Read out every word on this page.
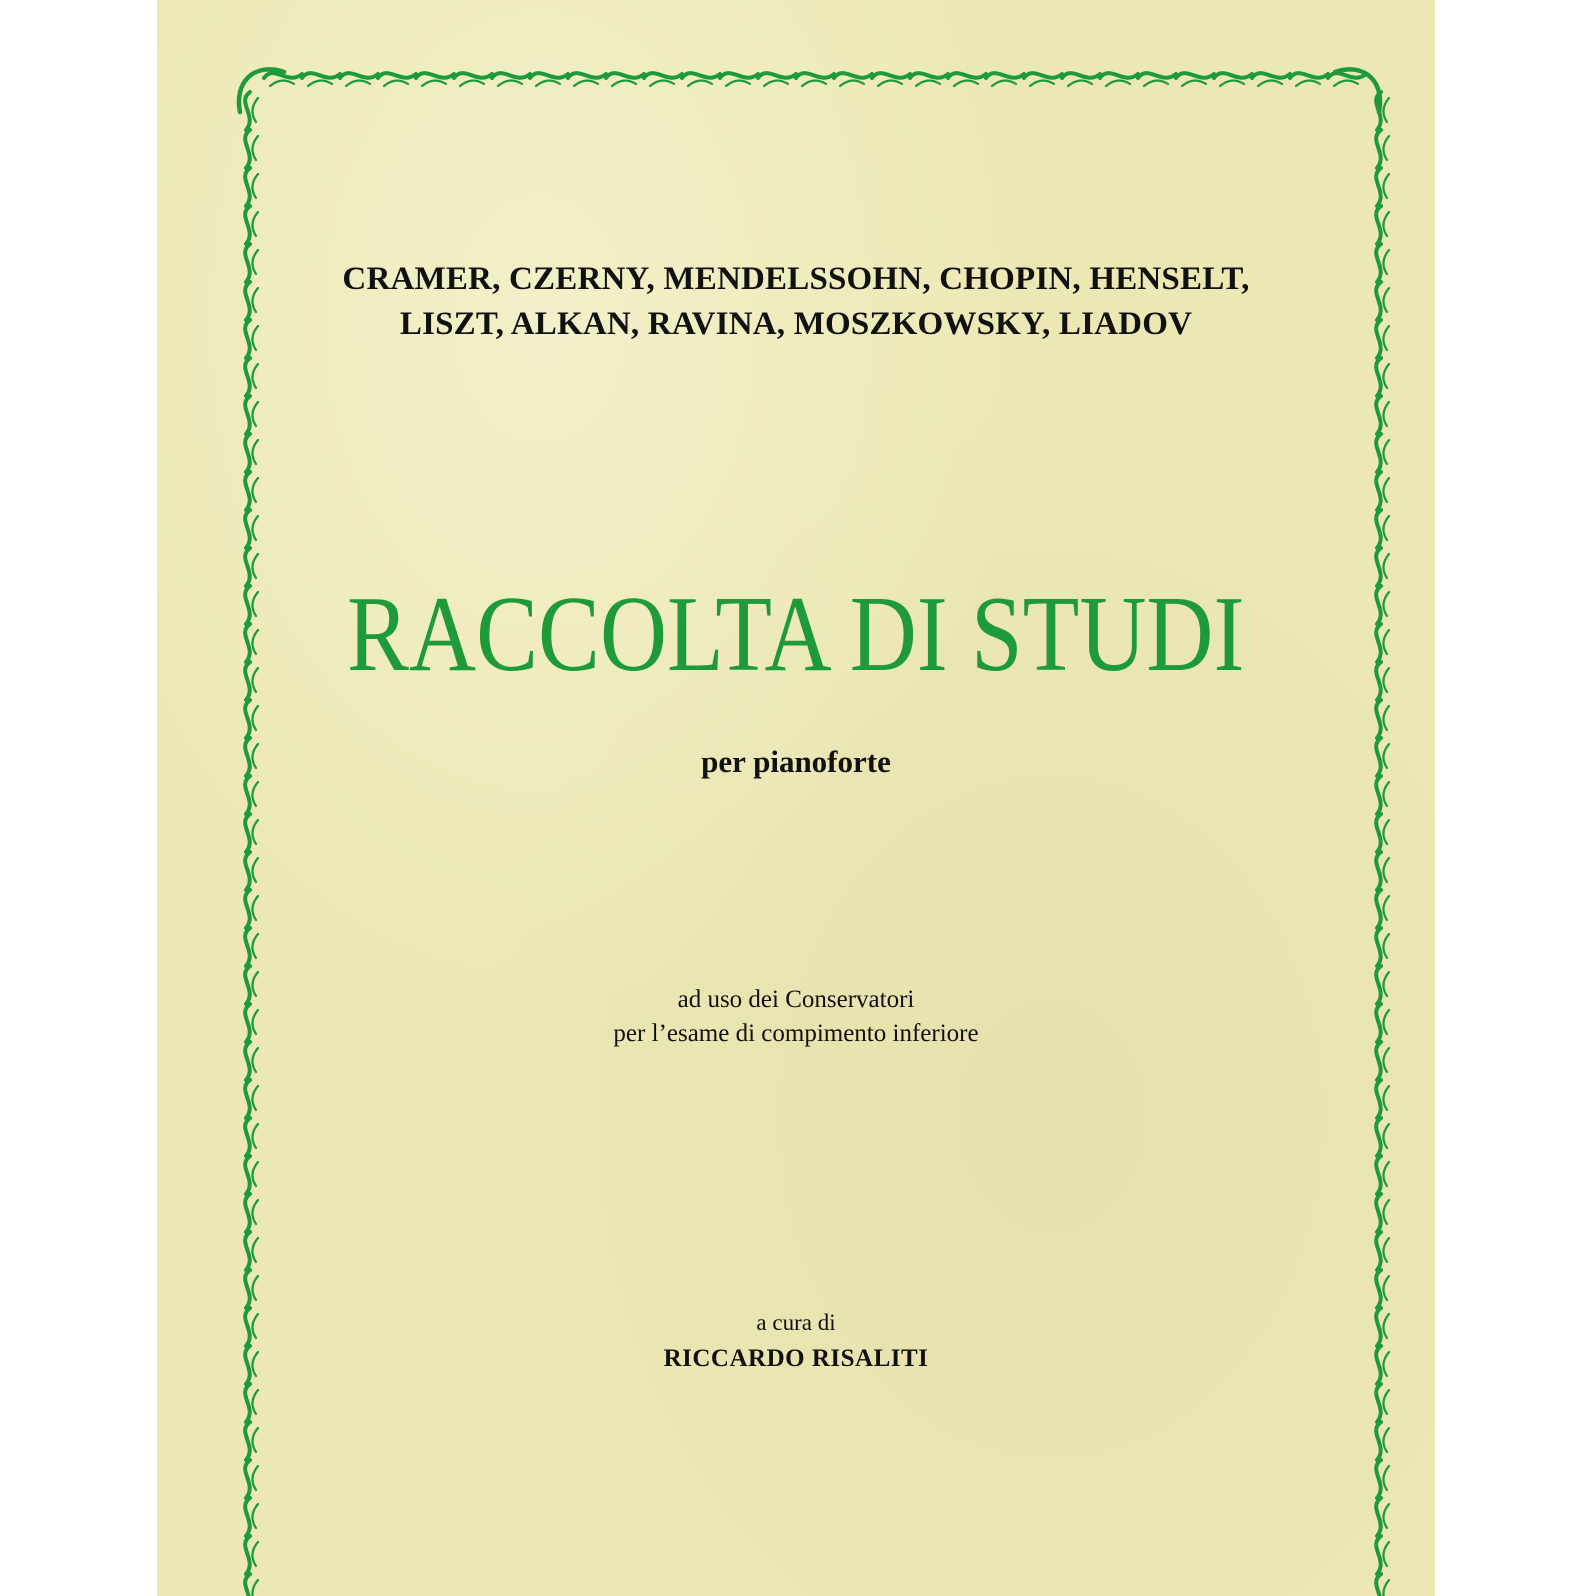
CRAMER, CZERNY, MENDELSSOHN, CHOPIN, HENSELT,
LISZT, ALKAN, RAVINA, MOSZKOWSKY, LIADOV
RACCOLTA DI STUDI
per pianoforte
ad uso dei Conservatori
per l’esame di compimento inferiore
a cura di
RICCARDO RISALITI
